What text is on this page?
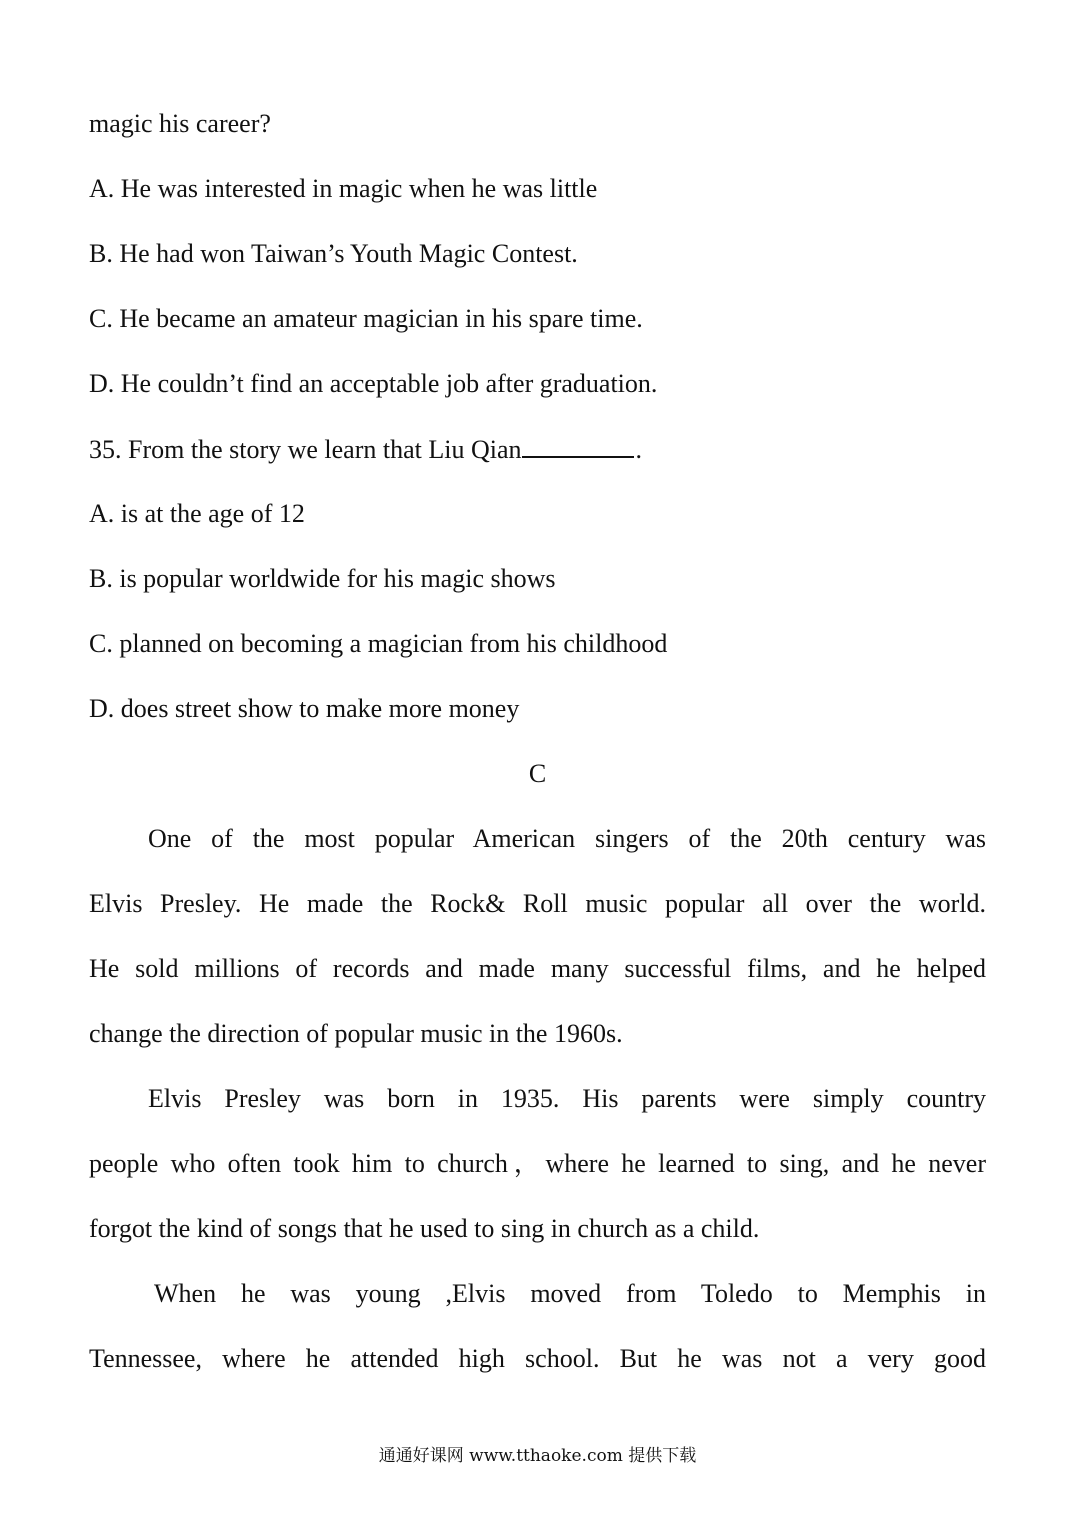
magic his career?
A. He was interested in magic when he was little
B. He had won Taiwan’s Youth Magic Contest.
C. He became an amateur magician in his spare time.
D. He couldn’t find an acceptable job after graduation.
35. From the story we learn that Liu Qian	.
A. is at the age of 12
B. is popular worldwide for his magic shows
C. planned on becoming a magician from his childhood
D. does street show to make more money
C
One of the most popular American singers of the 20th century was
Elvis Presley. He made the Rock& Roll music popular all over the world.
He sold millions of records and made many successful films, and he helped
change the direction of popular music in the 1960s.
Elvis Presley was born in 1935. His parents were simply country
people who often took him to church，where he learned to sing, and he never
forgot the kind of songs that he used to sing in church as a child.
When he was young ,Elvis moved from Toledo to Memphis in
Tennessee, where he attended high school. But he was not a very good
通通好课网 www.tthaoke.com 提供下载
